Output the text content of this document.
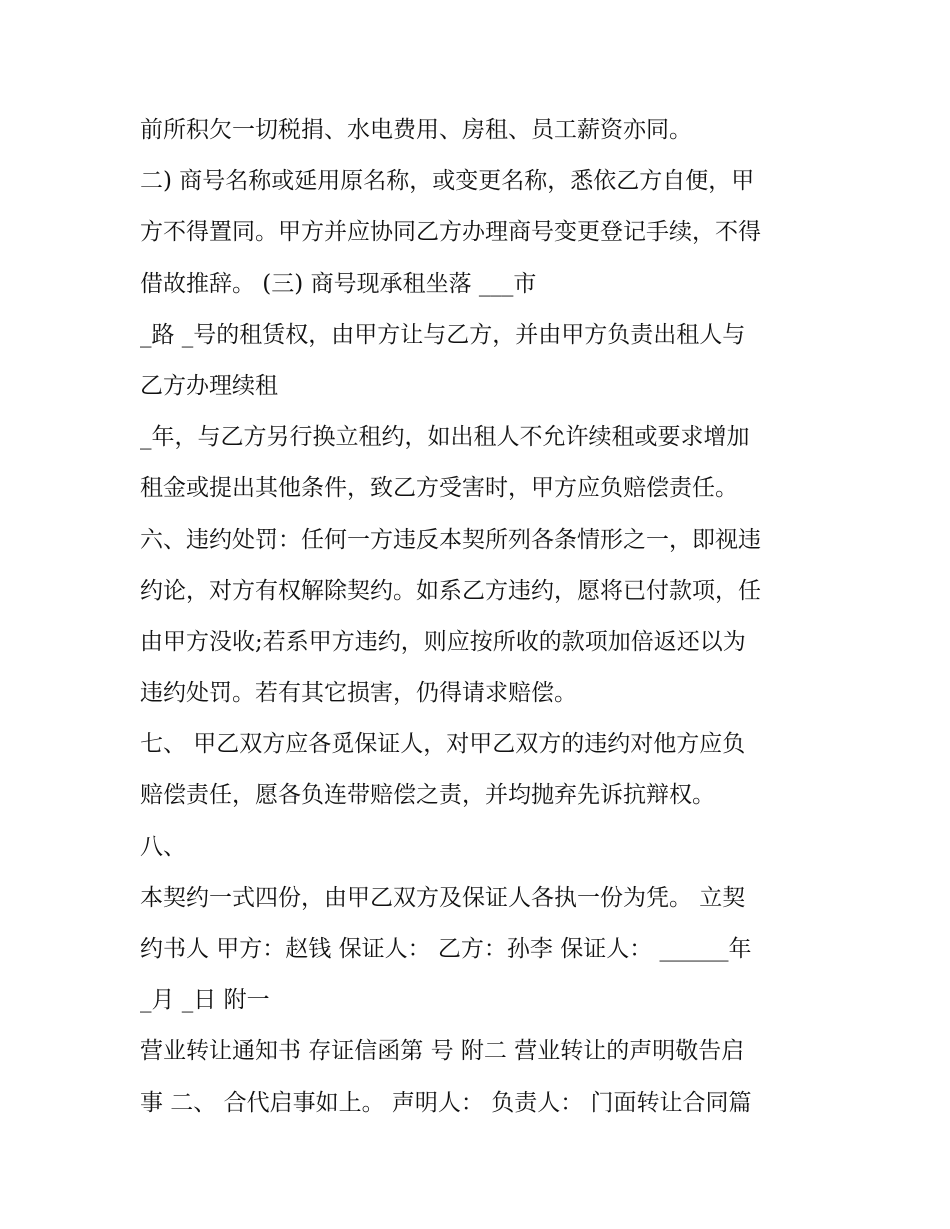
前所积欠一切税捐、水电费用、房租、员工薪资亦同。
二) 商号名称或延用原名称，或变更名称，悉依乙方自便，甲
方不得置同。甲方并应协同乙方办理商号变更登记手续，不得
借故推辞。 (三) 商号现承租坐落 ___市
_路 _号的租赁权，由甲方让与乙方，并由甲方负责出租人与
乙方办理续租
_年，与乙方另行换立租约，如出租人不允许续租或要求增加
租金或提出其他条件，致乙方受害时，甲方应负赔偿责任。
六、违约处罚：任何一方违反本契所列各条情形之一，即视违
约论，对方有权解除契约。如系乙方违约，愿将已付款项，任
由甲方没收;若系甲方违约，则应按所收的款项加倍返还以为
违约处罚。若有其它损害，仍得请求赔偿。
七、 甲乙双方应各觅保证人，对甲乙双方的违约对他方应负
赔偿责任，愿各负连带赔偿之责，并均抛弃先诉抗辩权。
八、
本契约一式四份，由甲乙双方及保证人各执一份为凭。 立契
约书人 甲方：赵钱 保证人： 乙方：孙李 保证人： ______年
_月 _日 附一
营业转让通知书 存证信函第 号 附二 营业转让的声明敬告启
事 二、 合代启事如上。 声明人： 负责人： 门面转让合同篇
